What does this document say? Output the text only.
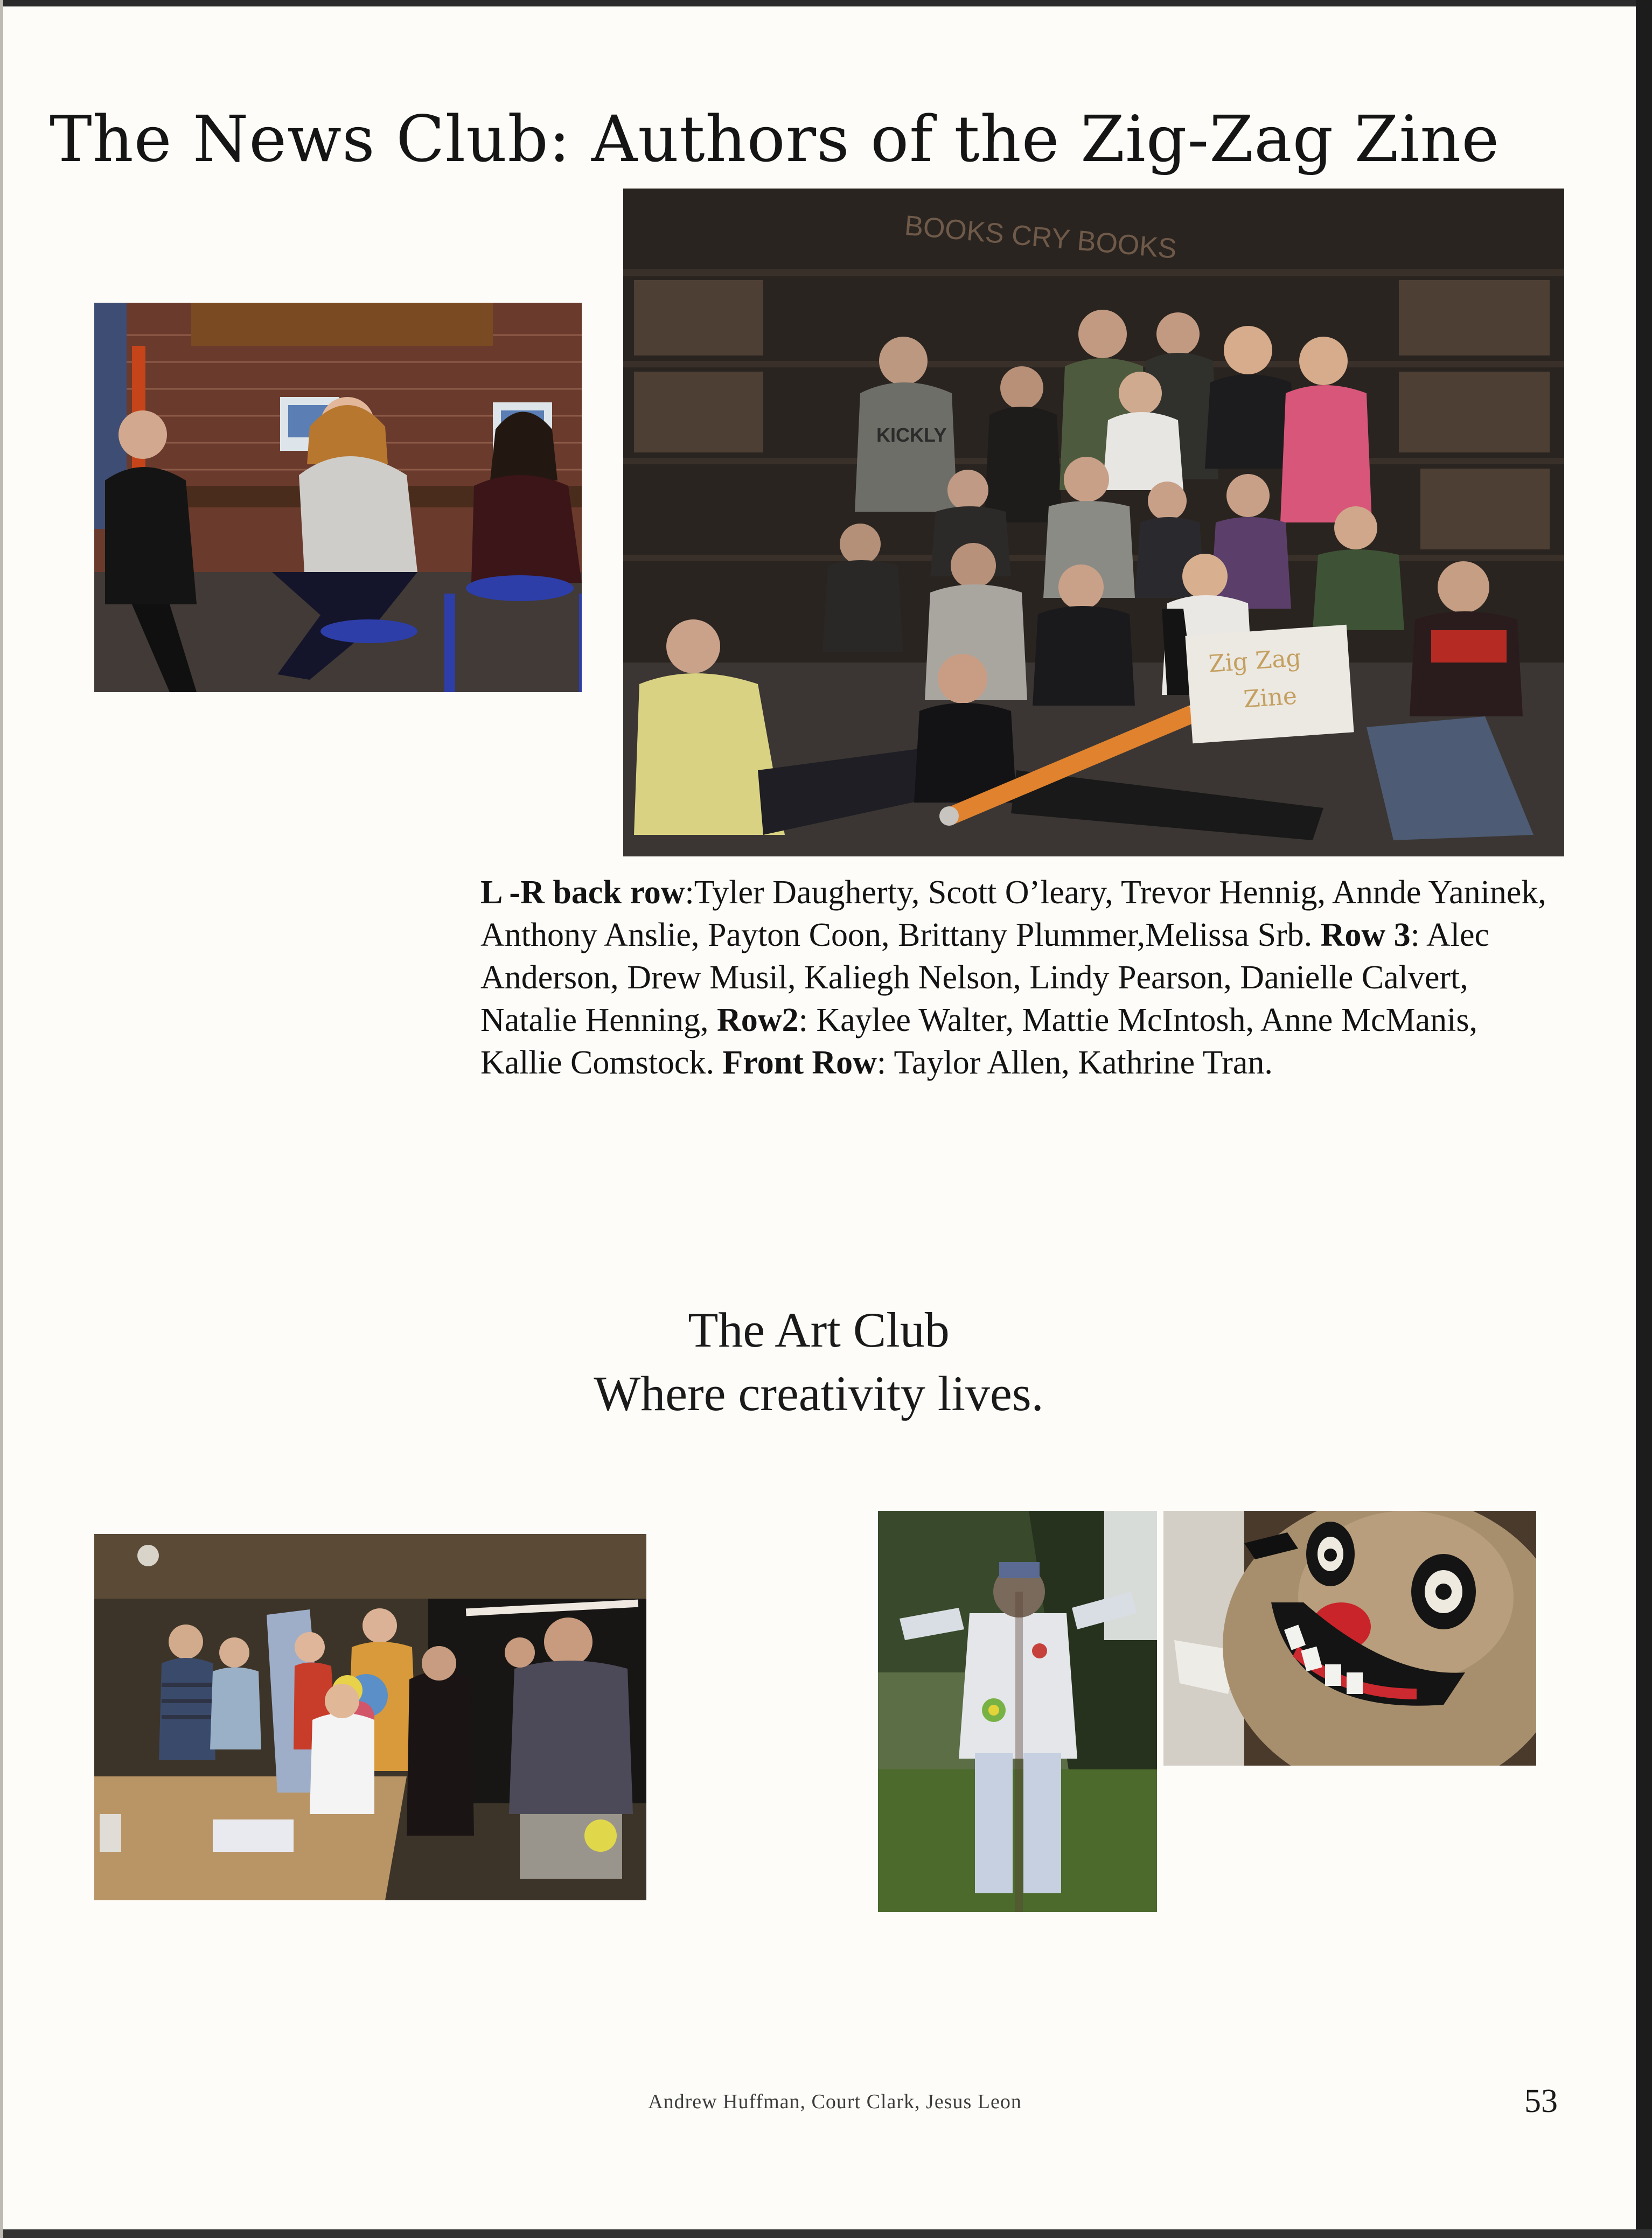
The News Club: Authors of the Zig-Zag Zine
BOOKS CRY BOOKS
KICKLY
Zig Zag
Zine
L -R back row:Tyler Daugherty, Scott O’leary, Trevor Hennig, Annde Yaninek, Anthony Anslie, Payton Coon, Brittany Plummer,Melissa Srb. Row 3: Alec Anderson, Drew Musil, Kaliegh Nelson, Lindy Pearson, Danielle Calvert, Natalie Henning, Row2: Kaylee Walter, Mattie McIntosh, Anne McManis, Kallie Comstock. Front Row: Taylor Allen, Kathrine Tran.
The Art Club
Where creativity lives.
Andrew Huffman, Court Clark, Jesus Leon	53
